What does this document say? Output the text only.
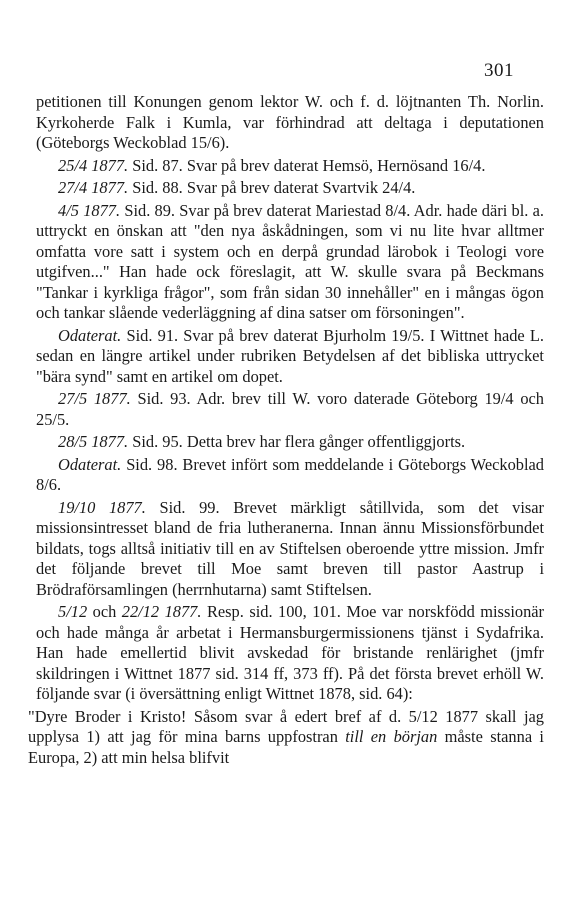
301

petitionen till Konungen genom lektor W. och f. d. löjtnanten Th. Norlin. Kyrkoherde Falk i Kumla, var förhindrad att deltaga i deputationen (Göteborgs Weckoblad 15/6).

25/4 1877. Sid. 87. Svar på brev daterat Hemsö, Hernösand 16/4.

27/4 1877. Sid. 88. Svar på brev daterat Svartvik 24/4.

4/5 1877. Sid. 89. Svar på brev daterat Mariestad 8/4. Adr. hade däri bl. a. uttryckt en önskan att "den nya åskådningen, som vi nu lite hvar alltmer omfatta vore satt i system och en derpå grundad lärobok i Teologi vore utgifven..." Han hade ock föreslagit, att W. skulle svara på Beckmans "Tankar i kyrkliga frågor", som från sidan 30 innehåller" en i mångas ögon och tankar slående vederläggning af dina satser om försoningen".

Odaterat. Sid. 91. Svar på brev daterat Bjurholm 19/5. I Wittnet hade L. sedan en längre artikel under rubriken Betydelsen af det bibliska uttrycket "bära synd" samt en artikel om dopet.

27/5 1877. Sid. 93. Adr. brev till W. voro daterade Göteborg 19/4 och 25/5.

28/5 1877. Sid. 95. Detta brev har flera gånger offentliggjorts.

Odaterat. Sid. 98. Brevet infört som meddelande i Göteborgs Weckoblad 8/6.

19/10 1877. Sid. 99. Brevet märkligt såtillvida, som det visar missionsintresset bland de fria lutheranerna. Innan ännu Missionsförbundet bildats, togs alltså initiativ till en av Stiftelsen oberoende yttre mission. Jmfr det följande brevet till Moe samt breven till pastor Aastrup i Brödraförsamlingen (herrnhutarna) samt Stiftelsen.

5/12 och 22/12 1877. Resp. sid. 100, 101. Moe var norskfödd missionär och hade många år arbetat i Hermansburgermissionens tjänst i Sydafrika. Han hade emellertid blivit avskedad för bristande renlärighet (jmfr skildringen i Wittnet 1877 sid. 314 ff, 373 ff). På det första brevet erhöll W. följande svar (i översättning enligt Wittnet 1878, sid. 64):

"Dyre Broder i Kristo! Såsom svar å edert bref af d. 5/12 1877 skall jag upplysa 1) att jag för mina barns uppfostran till en början måste stanna i Europa, 2) att min helsa blifvit
